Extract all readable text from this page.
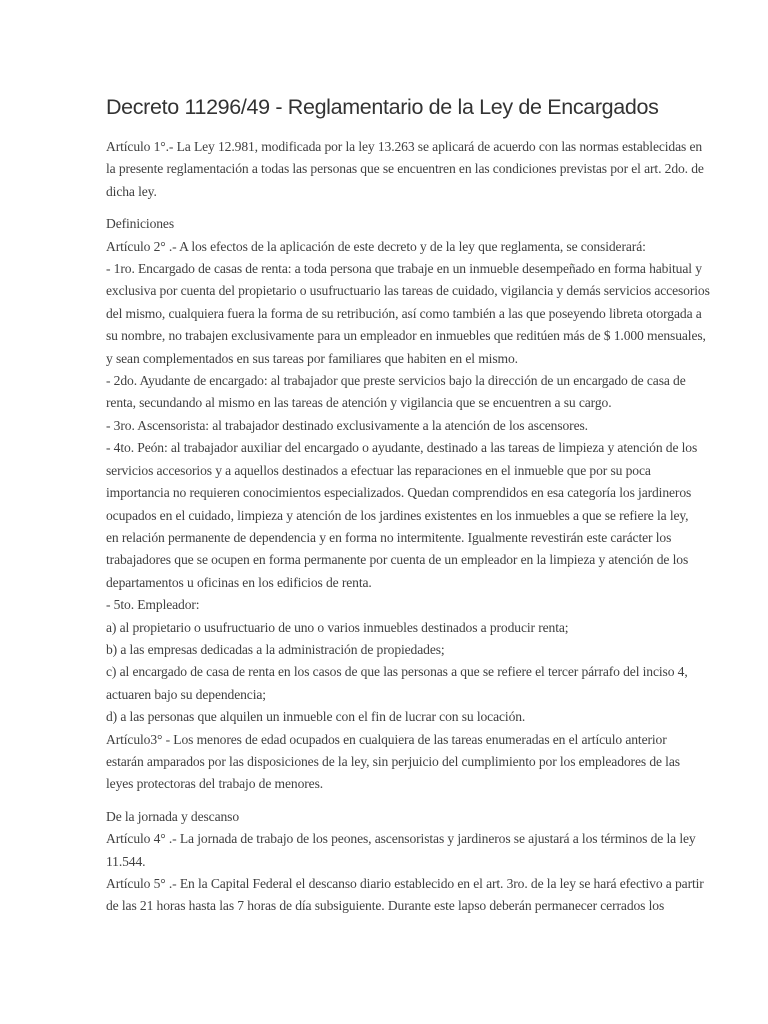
Decreto 11296/49 - Reglamentario de la Ley de Encargados

Artículo 1°.- La Ley 12.981, modificada por la ley 13.263 se aplicará de acuerdo con las normas establecidas en
la presente reglamentación a todas las personas que se encuentren en las condiciones previstas por el art. 2do. de
dicha ley.

Definiciones
Artículo 2° .- A los efectos de la aplicación de este decreto y de la ley que reglamenta, se considerará:
- 1ro. Encargado de casas de renta: a toda persona que trabaje en un inmueble desempeñado en forma habitual y
exclusiva por cuenta del propietario o usufructuario las tareas de cuidado, vigilancia y demás servicios accesorios
del mismo, cualquiera fuera la forma de su retribución, así como también a las que poseyendo libreta otorgada a
su nombre, no trabajen exclusivamente para un empleador en inmuebles que reditúen más de $ 1.000 mensuales,
y sean complementados en sus tareas por familiares que habiten en el mismo.
- 2do. Ayudante de encargado: al trabajador que preste servicios bajo la dirección de un encargado de casa de
renta, secundando al mismo en las tareas de atención y vigilancia que se encuentren a su cargo.
- 3ro. Ascensorista: al trabajador destinado exclusivamente a la atención de los ascensores.
- 4to. Peón: al trabajador auxiliar del encargado o ayudante, destinado a las tareas de limpieza y atención de los
servicios accesorios y a aquellos destinados a efectuar las reparaciones en el inmueble que por su poca
importancia no requieren conocimientos especializados. Quedan comprendidos en esa categoría los jardineros
ocupados en el cuidado, limpieza y atención de los jardines existentes en los inmuebles a que se refiere la ley,
en relación permanente de dependencia y en forma no intermitente. Igualmente revestirán este carácter los
trabajadores que se ocupen en forma permanente por cuenta de un empleador en la limpieza y atención de los
departamentos u oficinas en los edificios de renta.
- 5to. Empleador:
a) al propietario o usufructuario de uno o varios inmuebles destinados a producir renta;
b) a las empresas dedicadas a la administración de propiedades;
c) al encargado de casa de renta en los casos de que las personas a que se refiere el tercer párrafo del inciso 4,
actuaren bajo su dependencia;
d) a las personas que alquilen un inmueble con el fin de lucrar con su locación.
Artículo3° - Los menores de edad ocupados en cualquiera de las tareas enumeradas en el artículo anterior
estarán amparados por las disposiciones de la ley, sin perjuicio del cumplimiento por los empleadores de las
leyes protectoras del trabajo de menores.

De la jornada y descanso
Artículo 4° .- La jornada de trabajo de los peones, ascensoristas y jardineros se ajustará a los términos de la ley
11.544.
Artículo 5° .- En la Capital Federal el descanso diario establecido en el art. 3ro. de la ley se hará efectivo a partir
de las 21 horas hasta las 7 horas de día subsiguiente. Durante este lapso deberán permanecer cerrados los
